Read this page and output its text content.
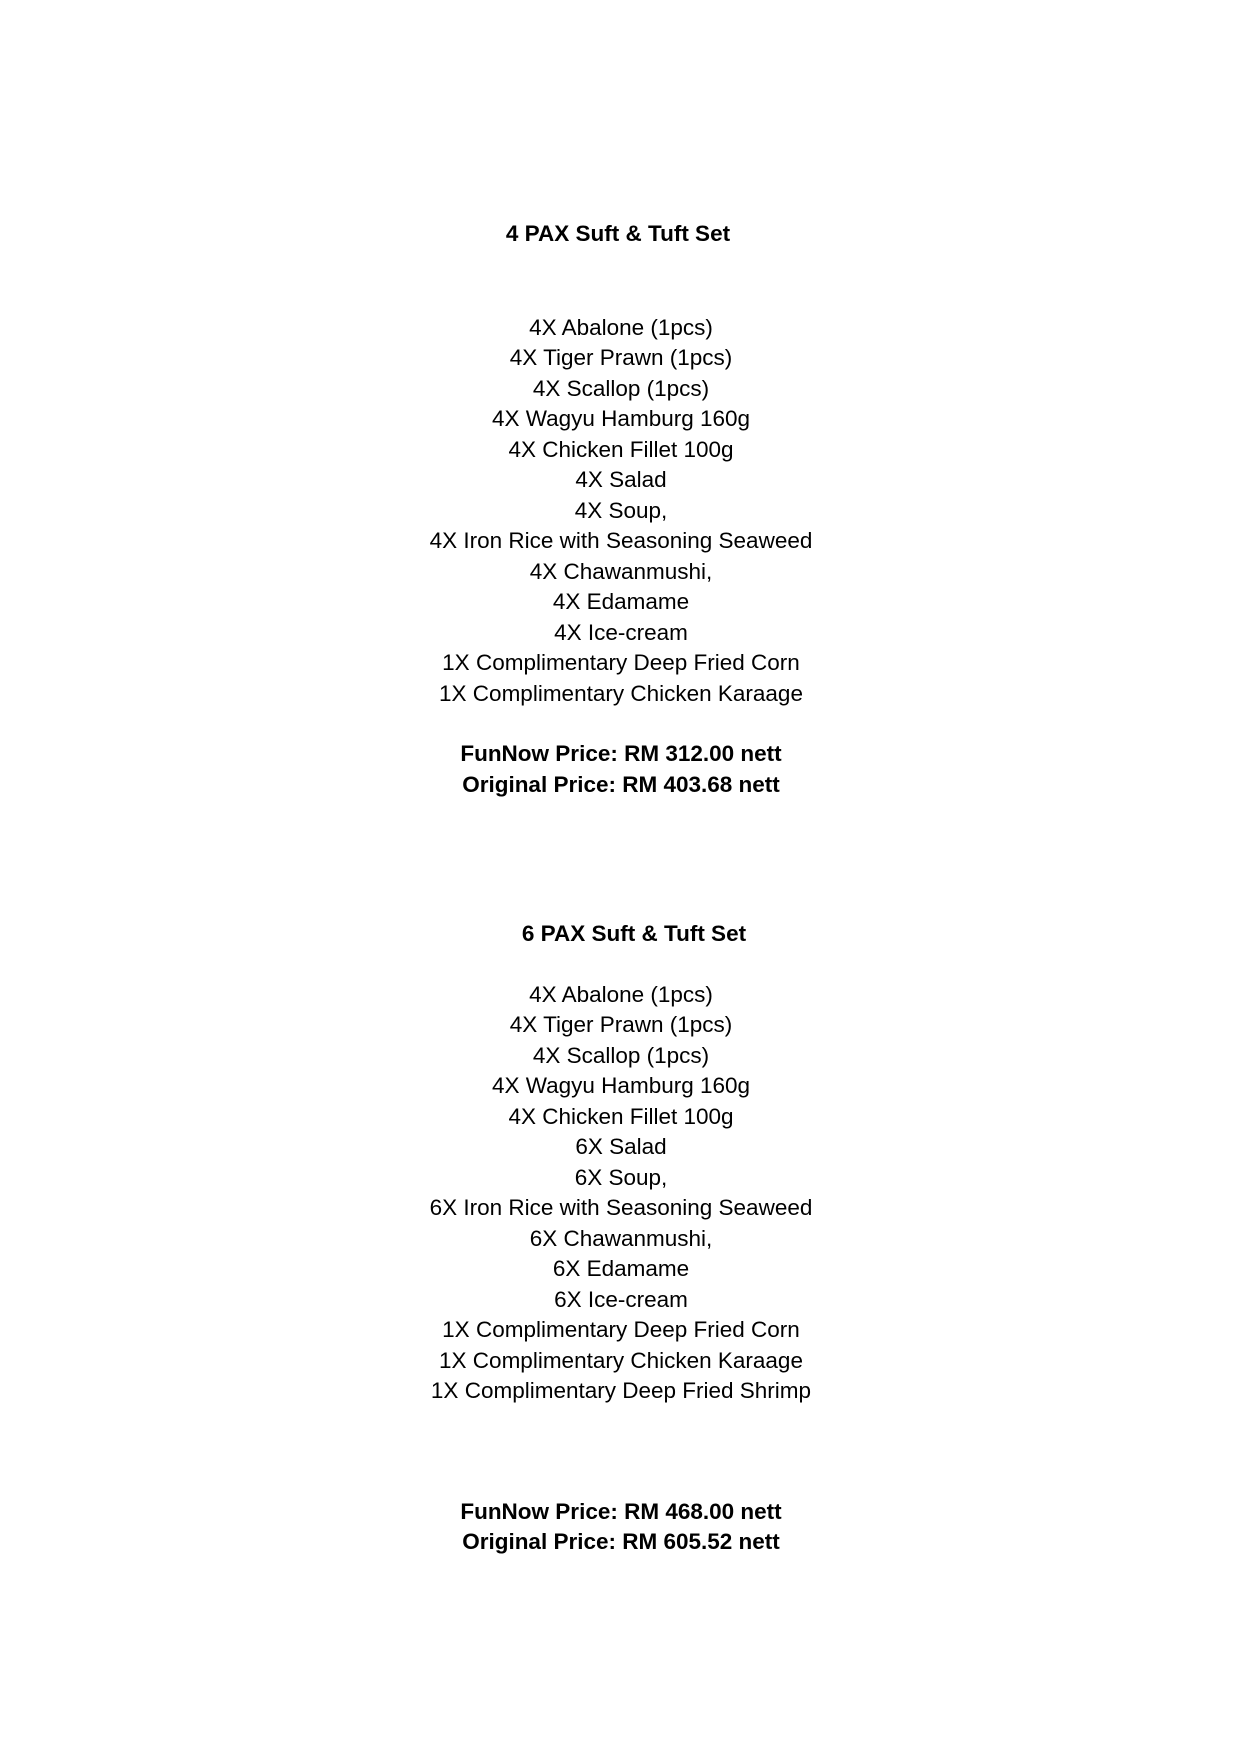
4 PAX Suft & Tuft Set
4X Abalone (1pcs)
4X Tiger Prawn (1pcs)
4X Scallop (1pcs)
4X Wagyu Hamburg 160g
4X Chicken Fillet 100g
4X Salad
4X Soup,
4X Iron Rice with Seasoning Seaweed
4X Chawanmushi,
4X Edamame
4X Ice-cream
1X Complimentary Deep Fried Corn
1X Complimentary Chicken Karaage

FunNow Price: RM 312.00 nett

Original Price: RM 403.68 nett

6 PAX Suft & Tuft Set
4X Abalone (1pcs)
4X Tiger Prawn (1pcs)
4X Scallop (1pcs)
4X Wagyu Hamburg 160g
4X Chicken Fillet 100g
6X Salad
6X Soup,
6X Iron Rice with Seasoning Seaweed
6X Chawanmushi,
6X Edamame
6X Ice-cream
1X Complimentary Deep Fried Corn
1X Complimentary Chicken Karaage
1X Complimentary Deep Fried Shrimp

FunNow Price: RM 468.00 nett

Original Price: RM 605.52 nett
